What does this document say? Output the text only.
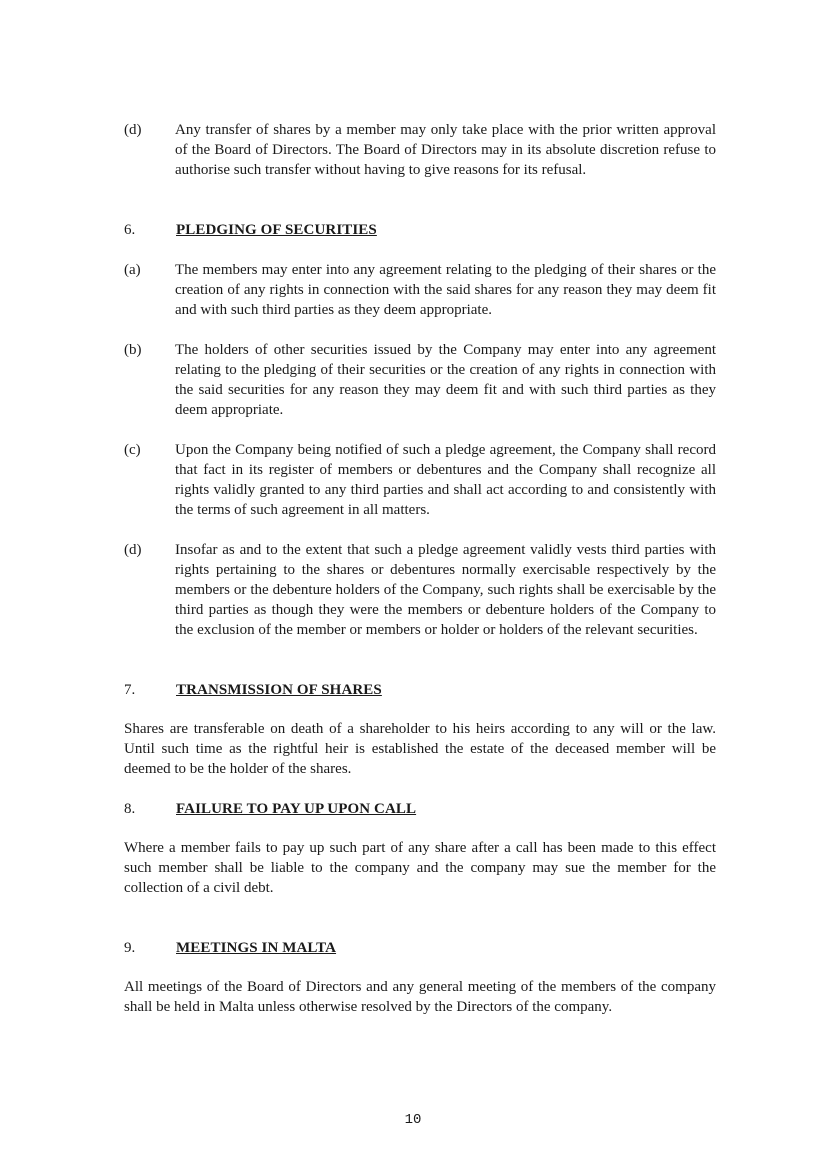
(d) Any transfer of shares by a member may only take place with the prior written approval of the Board of Directors. The Board of Directors may in its absolute discretion refuse to authorise such transfer without having to give reasons for its refusal.
6.	PLEDGING OF SECURITIES
(a) The members may enter into any agreement relating to the pledging of their shares or the creation of any rights in connection with the said shares for any reason they may deem fit and with such third parties as they deem appropriate.
(b) The holders of other securities issued by the Company may enter into any agreement relating to the pledging of their securities or the creation of any rights in connection with the said securities for any reason they may deem fit and with such third parties as they deem appropriate.
(c) Upon the Company being notified of such a pledge agreement, the Company shall record that fact in its register of members or debentures and the Company shall recognize all rights validly granted to any third parties and shall act according to and consistently with the terms of such agreement in all matters.
(d) Insofar as and to the extent that such a pledge agreement validly vests third parties with rights pertaining to the shares or debentures normally exercisable respectively by the members or the debenture holders of the Company, such rights shall be exercisable by the third parties as though they were the members or debenture holders of the Company to the exclusion of the member or members or holder or holders of the relevant securities.
7.	TRANSMISSION OF SHARES
Shares are transferable on death of a shareholder to his heirs according to any will or the law. Until such time as the rightful heir is established the estate of the deceased member will be deemed to be the holder of the shares.
8.	FAILURE TO PAY UP UPON CALL
Where a member fails to pay up such part of any share after a call has been made to this effect such member shall be liable to the company and the company may sue the member for the collection of a civil debt.
9.	MEETINGS IN MALTA
All meetings of the Board of Directors and any general meeting of the members of the company shall be held in Malta unless otherwise resolved by the Directors of the company.
10
